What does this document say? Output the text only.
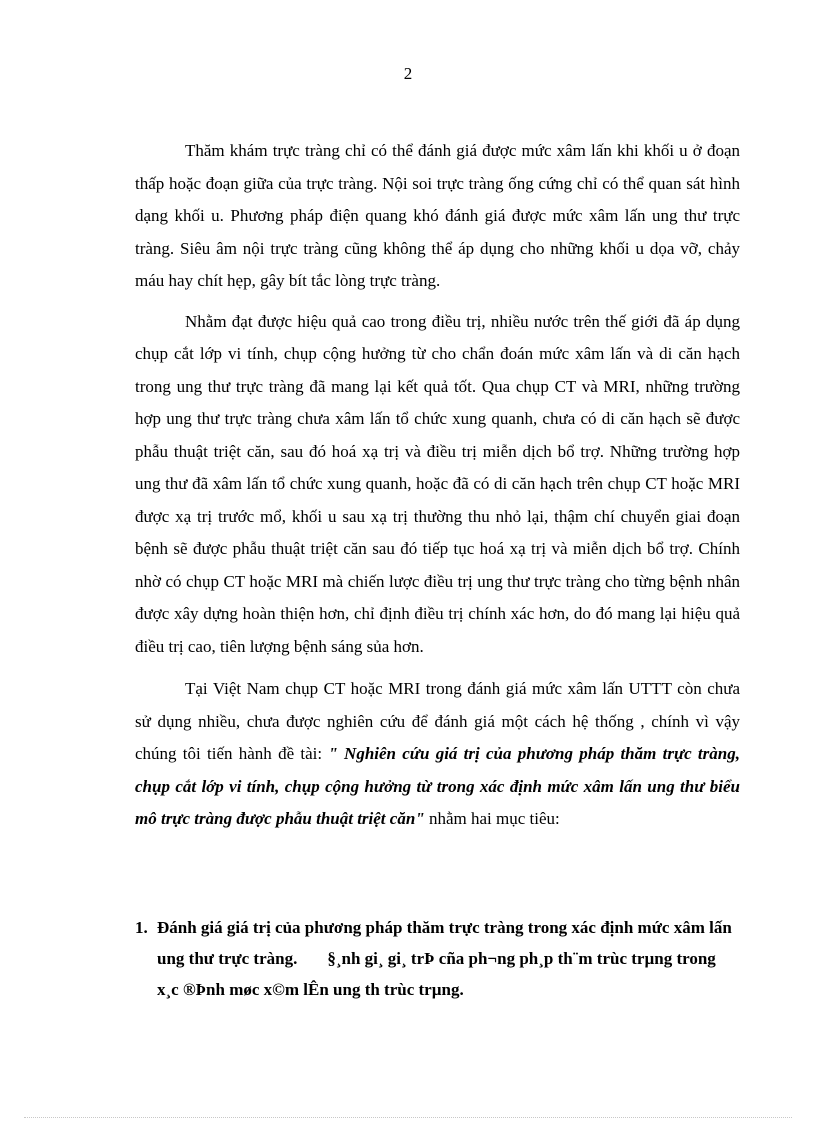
2

Thăm khám trực tràng chỉ có thể đánh giá được mức xâm lấn khi khối u ở đoạn thấp hoặc đoạn giữa của trực tràng. Nội soi trực tràng ống cứng chỉ có thể quan sát hình dạng khối u. Phương pháp điện quang khó đánh giá được mức xâm lấn ung thư trực tràng. Siêu âm nội trực tràng cũng không thể áp dụng cho những khối u dọa vỡ, chảy máu hay chít hẹp, gây bít tắc lòng trực tràng.

Nhằm đạt được hiệu quả cao trong điều trị, nhiều nước trên thế giới đã áp dụng chụp cắt lớp vi tính, chụp cộng hưởng từ cho chẩn đoán mức xâm lấn và di căn hạch trong ung thư trực tràng đã mang lại kết quả tốt. Qua chụp CT và MRI, những trường hợp ung thư trực tràng chưa xâm lấn tổ chức xung quanh, chưa có di căn hạch sẽ được phẫu thuật triệt căn, sau đó hoá xạ trị và điều trị miễn dịch bổ trợ. Những trường hợp ung thư đã xâm lấn tổ chức xung quanh, hoặc đã có di căn hạch trên chụp CT hoặc MRI được xạ trị trước mổ, khối u sau xạ trị thường thu nhỏ lại, thậm chí chuyển giai đoạn bệnh sẽ được phẫu thuật triệt căn sau đó tiếp tục hoá xạ trị và miễn dịch bổ trợ. Chính nhờ có chụp CT hoặc MRI mà chiến lược điều trị ung thư trực tràng cho từng bệnh nhân được xây dựng hoàn thiện hơn, chỉ định điều trị chính xác hơn, do đó mang lại hiệu quả điều trị cao, tiên lượng bệnh sáng sủa hơn.

Tại Việt Nam chụp CT hoặc MRI trong đánh giá mức xâm lấn UTTT còn chưa sử dụng nhiều, chưa được nghiên cứu để đánh giá một cách hệ thống , chính vì vậy chúng tôi tiến hành đề tài: " Nghiên cứu giá trị của phương pháp thăm trực tràng, chụp cắt lớp vi tính, chụp cộng hưởng từ trong xác định mức xâm lấn ung thư biểu mô trực tràng được phẫu thuật triệt căn" nhằm hai mục tiêu:

1. Đánh giá giá trị của phương pháp thăm trực tràng trong xác định mức xâm lấn ung thư trực tràng. §¸nh gi¸ gi¸ trÞ cña ph¬ng ph¸p th¨m trùc trµng trong x¸c ®Þnh møc x©m lÊn ung th trùc trµng.
